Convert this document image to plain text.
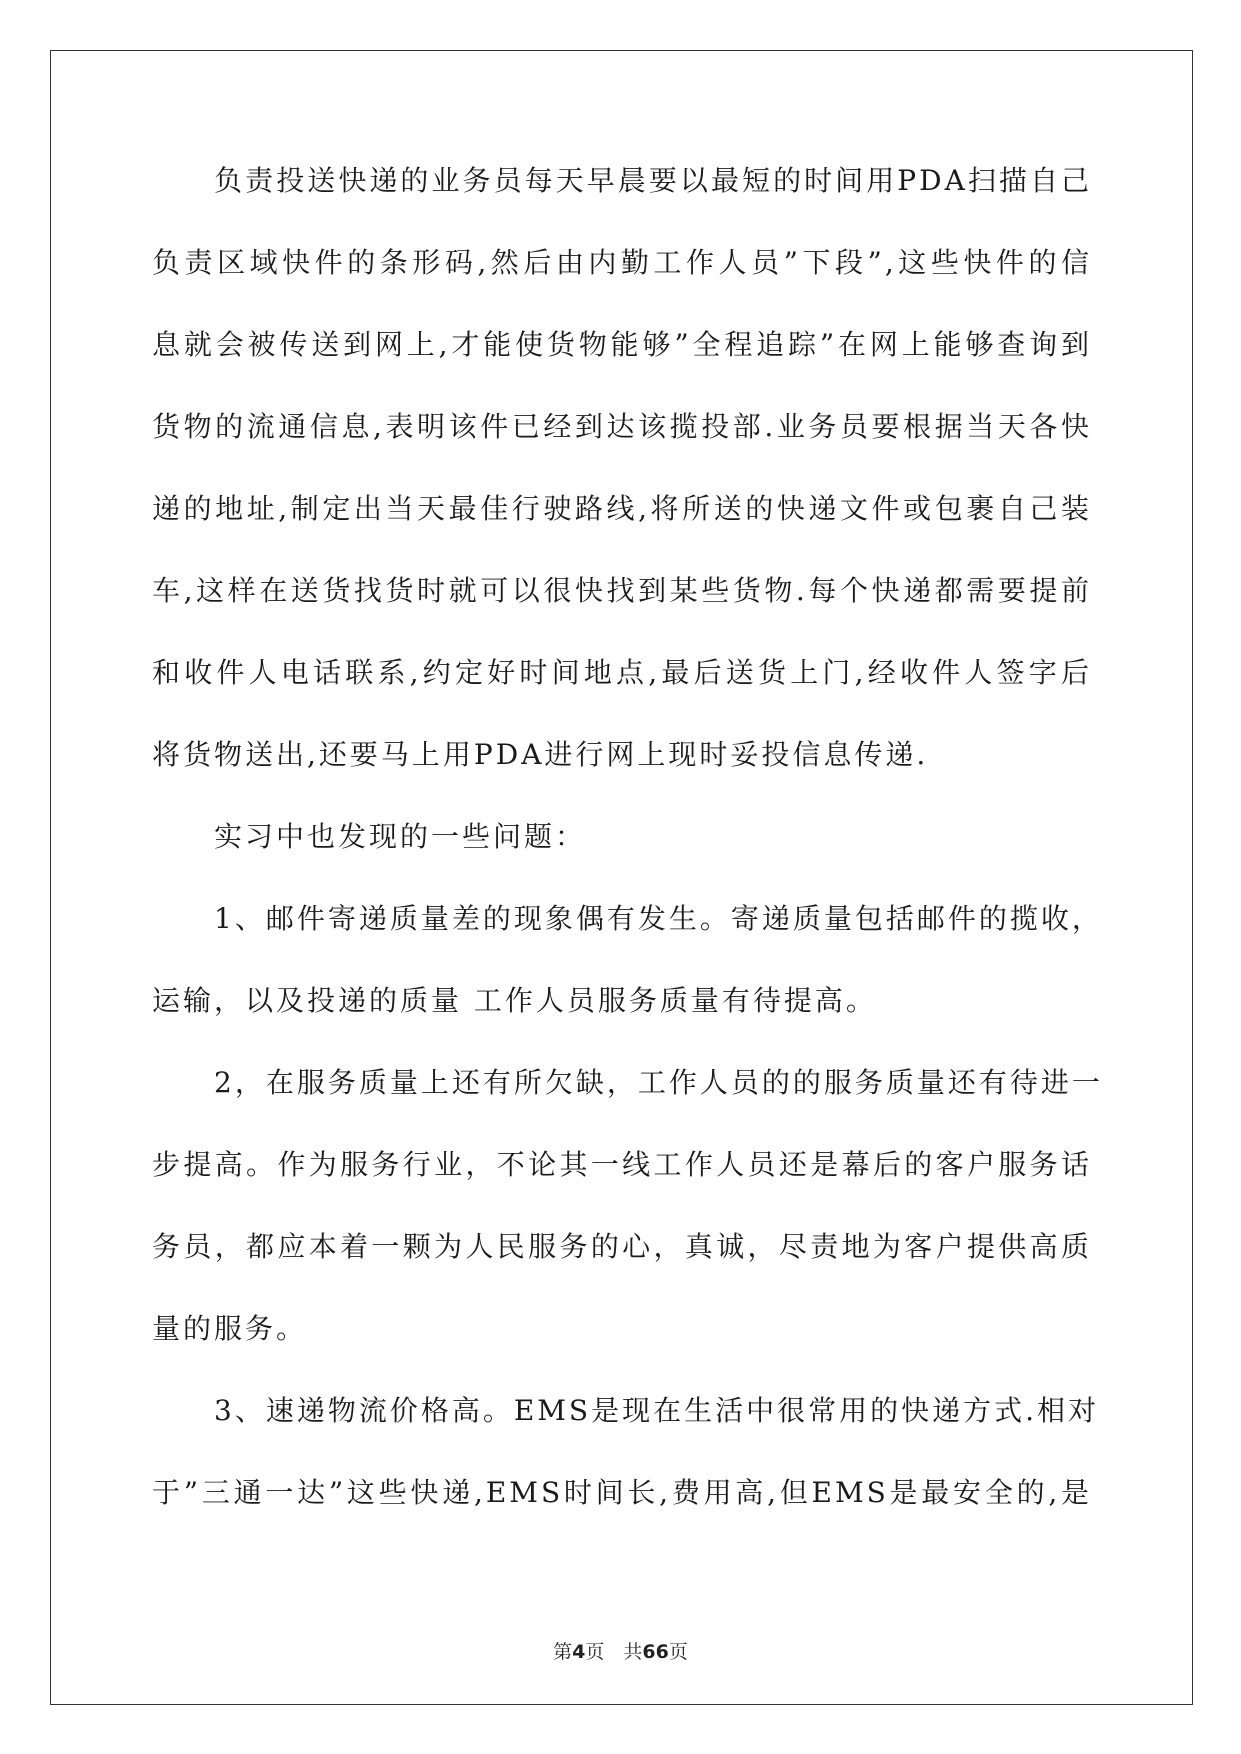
　　负责投送快递的业务员每天早晨要以最短的时间用PDA扫描自己
负责区域快件的条形码,然后由内勤工作人员”下段”,这些快件的信
息就会被传送到网上,才能使货物能够”全程追踪”在网上能够查询到
货物的流通信息,表明该件已经到达该揽投部.业务员要根据当天各快
递的地址,制定出当天最佳行驶路线,将所送的快递文件或包裹自己装
车,这样在送货找货时就可以很快找到某些货物.每个快递都需要提前
和收件人电话联系,约定好时间地点,最后送货上门,经收件人签字后
将货物送出,还要马上用PDA进行网上现时妥投信息传递.
　　实习中也发现的一些问题：
　　1、邮件寄递质量差的现象偶有发生。寄递质量包括邮件的揽收，
运输，以及投递的质量 工作人员服务质量有待提高。
　　2，在服务质量上还有所欠缺，工作人员的的服务质量还有待进一
步提高。作为服务行业，不论其一线工作人员还是幕后的客户服务话
务员，都应本着一颗为人民服务的心，真诚，尽责地为客户提供高质
量的服务。
　　3、速递物流价格高。EMS是现在生活中很常用的快递方式.相对
于”三通一达”这些快递,EMS时间长,费用高,但EMS是最安全的,是
第4页　共66页
